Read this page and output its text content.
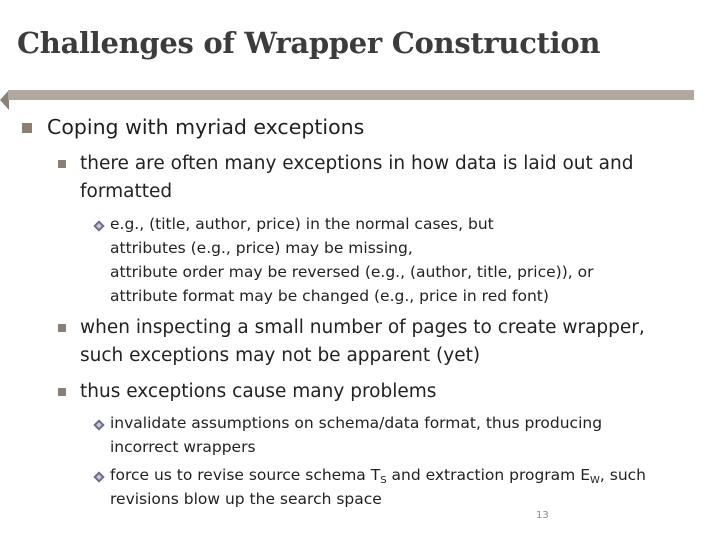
Challenges of Wrapper Construction
Coping with myriad exceptions
there are often many exceptions in how data is laid out and
formatted
e.g., (title, author, price) in the normal cases, but
attributes (e.g., price) may be missing,
attribute order may be reversed (e.g., (author, title, price)), or
attribute format may be changed (e.g., price in red font)
when inspecting a small number of pages to create wrapper,
such exceptions may not be apparent (yet)
thus exceptions cause many problems
invalidate assumptions on schema/data format, thus producing
incorrect wrappers
force us to revise source schema $T_S$ and extraction program $E_W$, such
revisions blow up the search space
13
